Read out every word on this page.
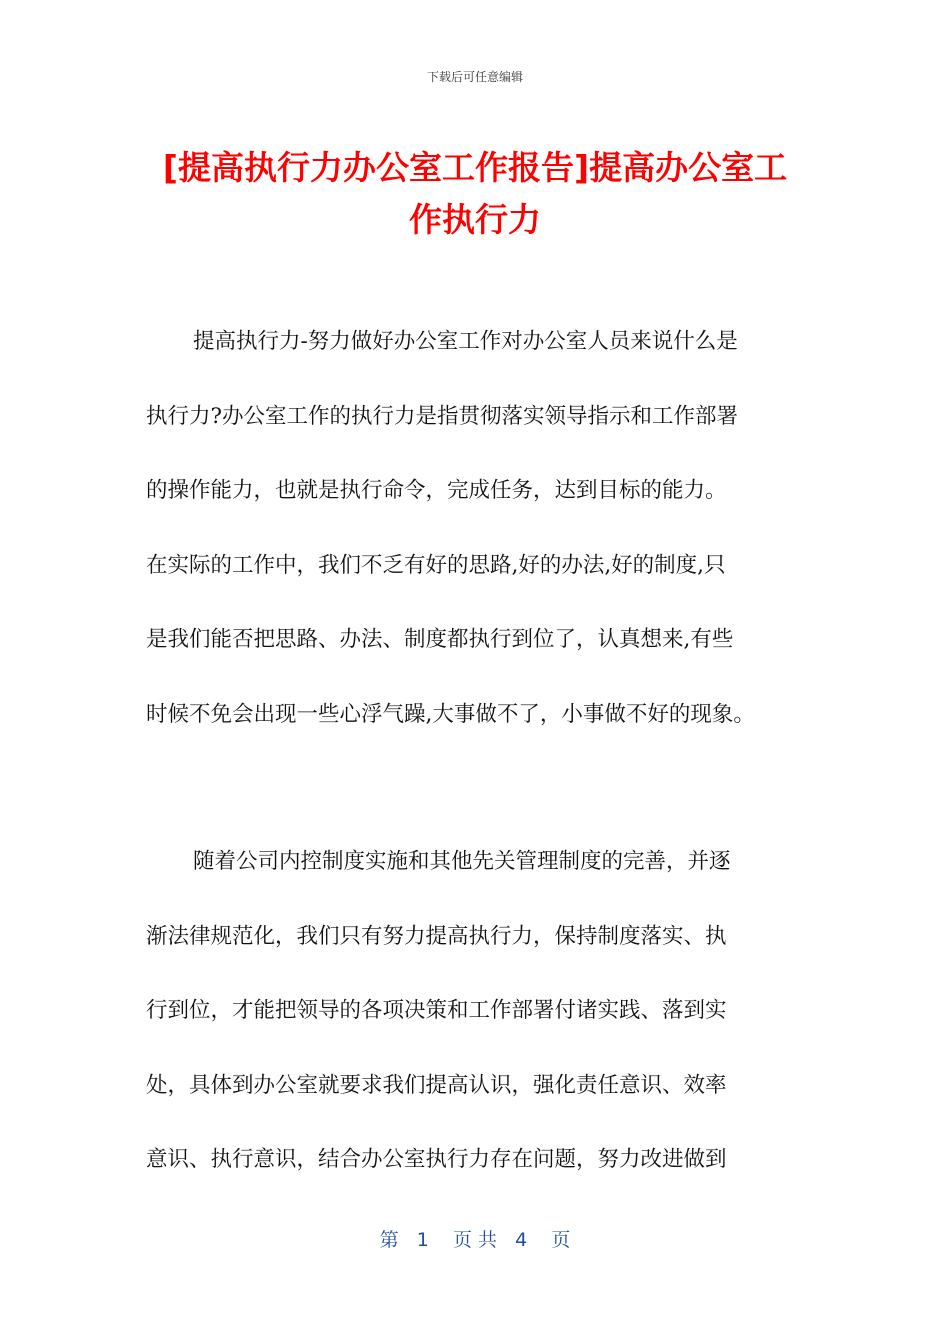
下载后可任意编辑
[提高执行力办公室工作报告]提高办公室工
作执行力
提高执行力-努力做好办公室工作对办公室人员来说什么是
执行力?办公室工作的执行力是指贯彻落实领导指示和工作部署
的操作能力，也就是执行命令，完成任务，达到目标的能力。
在实际的工作中，我们不乏有好的思路,好的办法,好的制度,只
是我们能否把思路、办法、制度都执行到位了，认真想来,有些
时候不免会出现一些心浮气躁,大事做不了，小事做不好的现象。
随着公司内控制度实施和其他先关管理制度的完善，并逐
渐法律规范化，我们只有努力提高执行力，保持制度落实、执
行到位，才能把领导的各项决策和工作部署付诸实践、落到实
处，具体到办公室就要求我们提高认识，强化责任意识、效率
意识、执行意识，结合办公室执行力存在问题，努力改进做到
第   1    页 共   4    页
